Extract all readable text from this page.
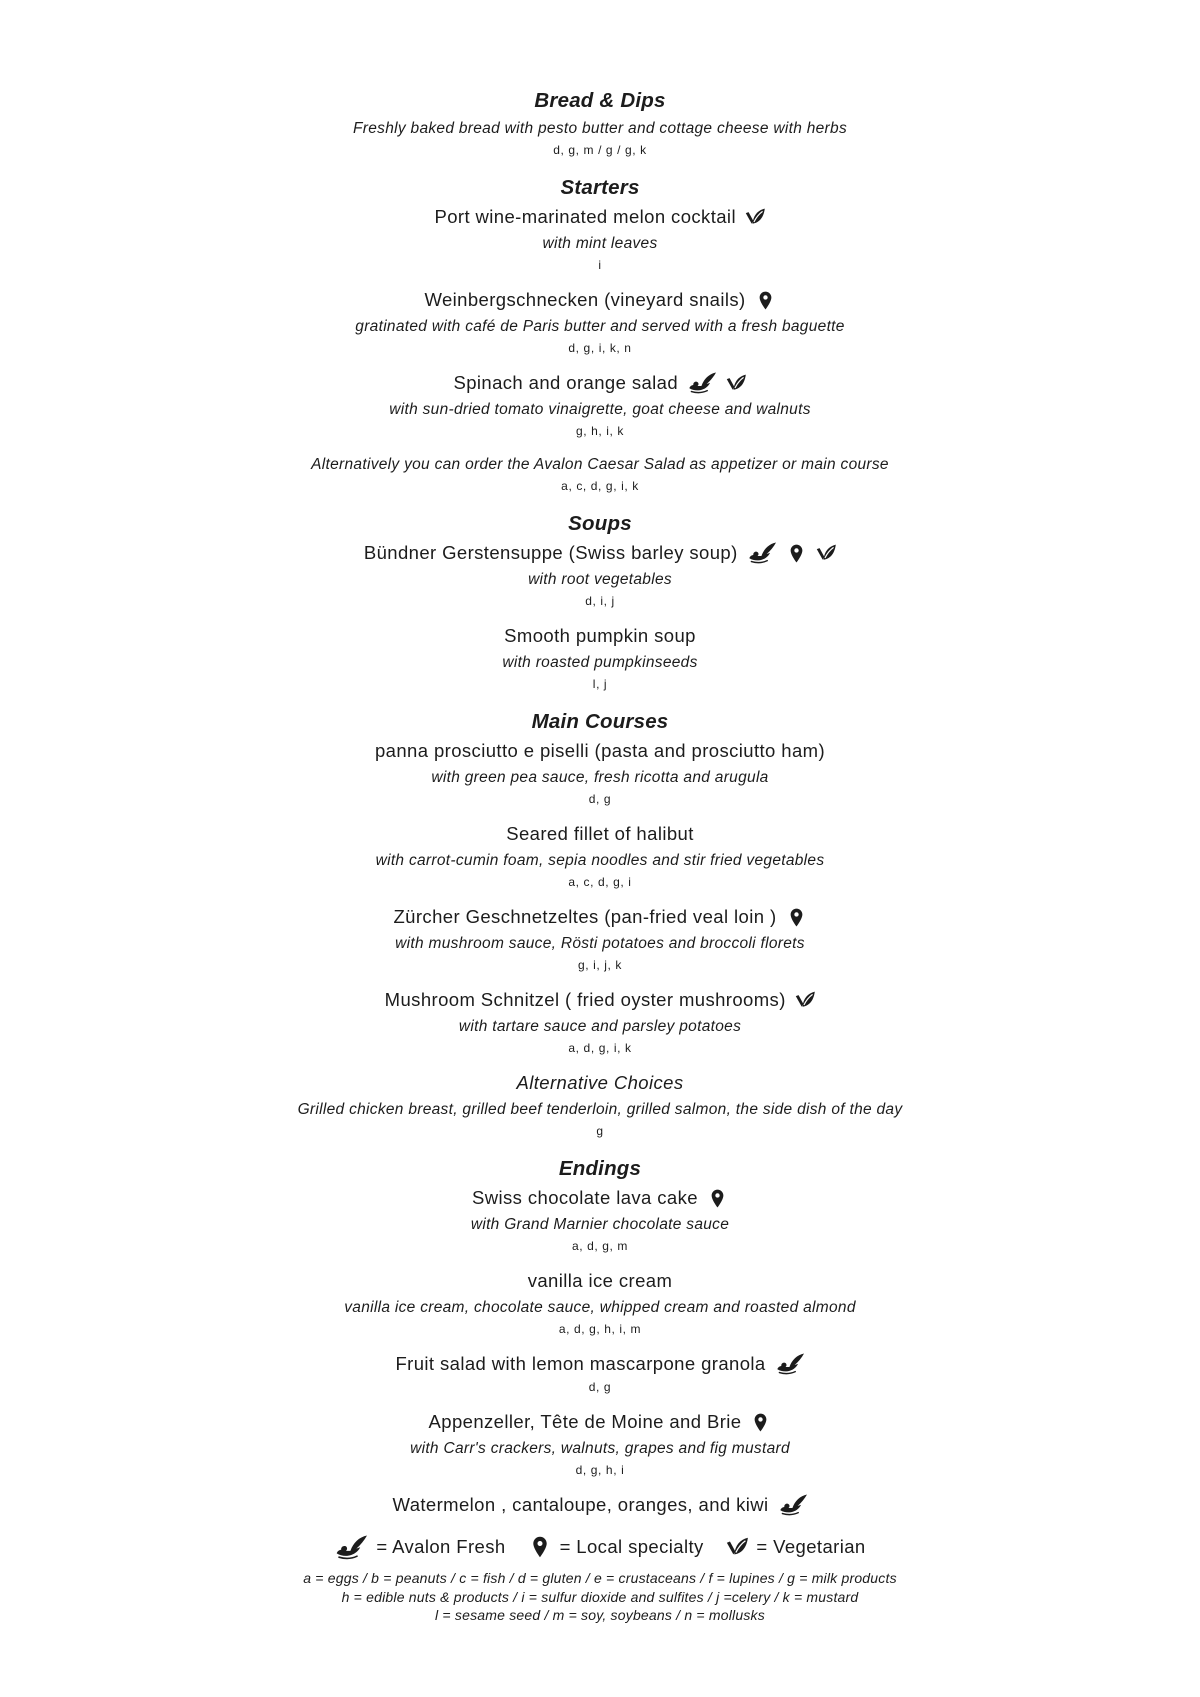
Bread & Dips
Freshly baked bread with pesto butter and cottage cheese with herbs
d, g, m / g / g, k
Starters
Port wine-marinated melon cocktail
with mint leaves
i
Weinbergschnecken (vineyard snails)
gratinated with café de Paris butter and served with a fresh baguette
d, g, i, k, n
Spinach and orange salad
with sun-dried tomato vinaigrette, goat cheese and walnuts
g, h, i, k
Alternatively you can order the Avalon Caesar Salad as appetizer or main course
a, c, d, g, i, k
Soups
Bündner Gerstensuppe (Swiss barley soup)
with root vegetables
d, i, j
Smooth pumpkin soup
with roasted pumpkinseeds
l, j
Main Courses
panna prosciutto e piselli (pasta and prosciutto ham)
with green pea sauce, fresh ricotta and arugula
d, g
Seared fillet of halibut
with carrot-cumin foam, sepia noodles and stir fried vegetables
a, c, d, g, i
Zürcher Geschnetzeltes (pan-fried veal loin )
with mushroom sauce, Rösti potatoes and broccoli florets
g, i, j, k
Mushroom Schnitzel ( fried oyster mushrooms)
with tartare sauce and parsley potatoes
a, d, g, i, k
Alternative Choices
Grilled chicken breast, grilled beef tenderloin, grilled salmon, the side dish of the day
g
Endings
Swiss chocolate lava cake
with Grand Marnier chocolate sauce
a, d, g, m
vanilla ice cream
vanilla ice cream, chocolate sauce, whipped cream and roasted almond
a, d, g, h, i, m
Fruit salad with lemon mascarpone granola
d, g
Appenzeller, Tête de Moine and Brie
with Carr's crackers, walnuts, grapes and fig mustard
d, g, h, i
Watermelon , cantaloupe, oranges, and kiwi
= Avalon Fresh	= Local specialty	= Vegetarian
a = eggs / b = peanuts / c = fish / d = gluten / e = crustaceans / f = lupines / g = milk products
h = edible nuts & products / i = sulfur dioxide and sulfites / j =celery / k = mustard
l = sesame seed / m = soy, soybeans / n = mollusks
